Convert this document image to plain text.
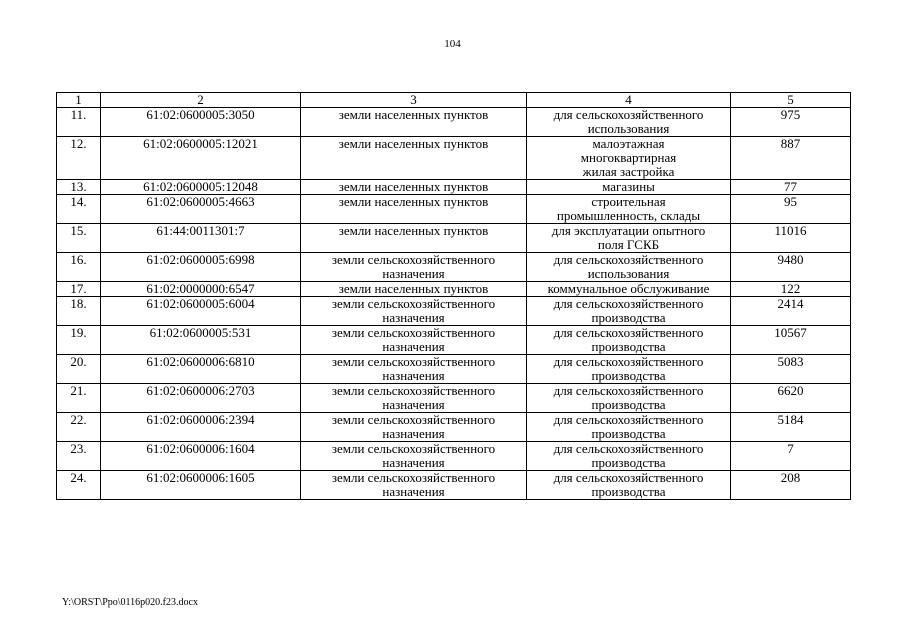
104
1	2	3	4	5
11.	61:02:0600005:3050	земли населенных пунктов	для сельскохозяйственного
использования	975
12.	61:02:0600005:12021	земли населенных пунктов	малоэтажная
многоквартирная
жилая застройка	887
13.	61:02:0600005:12048	земли населенных пунктов	магазины	77
14.	61:02:0600005:4663	земли населенных пунктов	строительная
промышленность, склады	95
15.	61:44:0011301:7	земли населенных пунктов	для эксплуатации опытного
поля ГСКБ	11016
16.	61:02:0600005:6998	земли сельскохозяйственного
назначения	для сельскохозяйственного
использования	9480
17.	61:02:0000000:6547	земли населенных пунктов	коммунальное обслуживание	122
18.	61:02:0600005:6004	земли сельскохозяйственного
назначения	для сельскохозяйственного
производства	2414
19.	61:02:0600005:531	земли сельскохозяйственного
назначения	для сельскохозяйственного
производства	10567
20.	61:02:0600006:6810	земли сельскохозяйственного
назначения	для сельскохозяйственного
производства	5083
21.	61:02:0600006:2703	земли сельскохозяйственного
назначения	для сельскохозяйственного
производства	6620
22.	61:02:0600006:2394	земли сельскохозяйственного
назначения	для сельскохозяйственного
производства	5184
23.	61:02:0600006:1604	земли сельскохозяйственного
назначения	для сельскохозяйственного
производства	7
24.	61:02:0600006:1605	земли сельскохозяйственного
назначения	для сельскохозяйственного
производства	208
Y:\ORST\Ppo\0116p020.f23.docx
